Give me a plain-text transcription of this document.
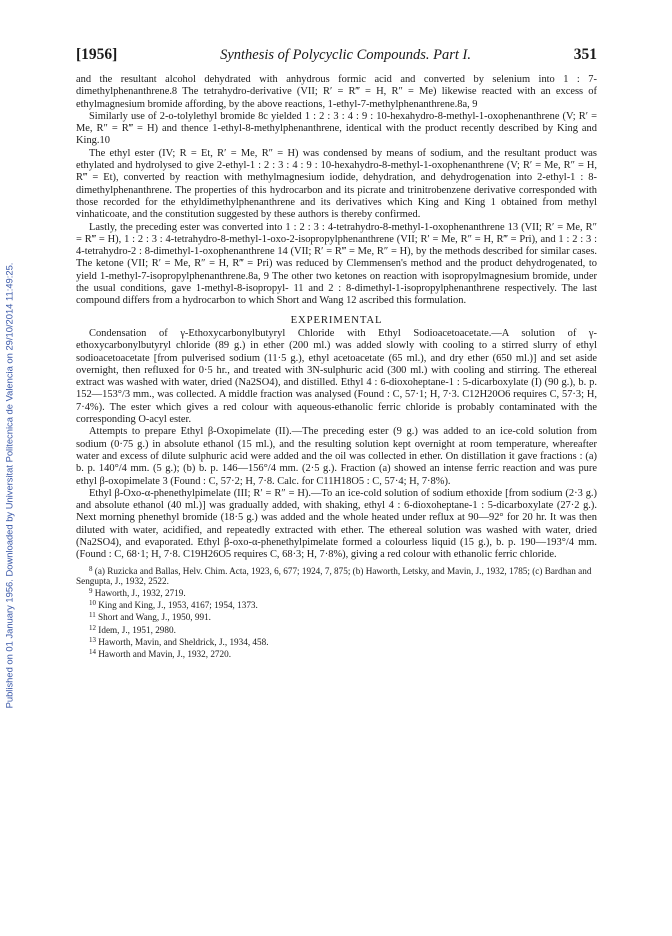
Published on 01 January 1956. Downloaded by Universitat Politecnica de Valencia on 29/10/2014 11:49:25.
[1956]	Synthesis of Polycyclic Compounds. Part I.	351

and the resultant alcohol dehydrated with anhydrous formic acid and converted by selenium into 1 : 7-dimethylphenanthrene.8 The tetrahydro-derivative (VII; R′ = R‴ = H, R″ = Me) likewise reacted with an excess of ethylmagnesium bromide affording, by the above reactions, 1-ethyl-7-methylphenanthrene.8a, 9

Similarly use of 2-o-tolylethyl bromide 8c yielded 1 : 2 : 3 : 4 : 9 : 10-hexahydro-8-methyl-1-oxophenanthrene (V; R′ = Me, R″ = R‴ = H) and thence 1-ethyl-8-methylphenanthrene, identical with the product recently described by King and King.10

The ethyl ester (IV; R = Et, R′ = Me, R″ = H) was condensed by means of sodium, and the resultant product was ethylated and hydrolysed to give 2-ethyl-1 : 2 : 3 : 4 : 9 : 10-hexahydro-8-methyl-1-oxophenanthrene (V; R′ = Me, R″ = H, R‴ = Et), converted by reaction with methylmagnesium iodide, dehydration, and dehydrogenation into 2-ethyl-1 : 8-dimethylphenanthrene. The properties of this hydrocarbon and its picrate and trinitrobenzene derivative corresponded with those recorded for the ethyldimethylphenanthrene and its derivatives which King and King 1 obtained from methyl vinhaticoate, and the constitution suggested by these authors is thereby confirmed.

Lastly, the preceding ester was converted into 1 : 2 : 3 : 4-tetrahydro-8-methyl-1-oxophenanthrene 13 (VII; R′ = Me, R″ = R‴ = H), 1 : 2 : 3 : 4-tetrahydro-8-methyl-1-oxo-2-isopropylphenanthrene (VII; R′ = Me, R″ = H, R‴ = Pri), and 1 : 2 : 3 : 4-tetrahydro-2 : 8-dimethyl-1-oxophenanthrene 14 (VII; R′ = R‴ = Me, R″ = H), by the methods described for similar cases. The ketone (VII; R′ = Me, R″ = H, R‴ = Pri) was reduced by Clemmensen's method and the product dehydrogenated, to yield 1-methyl-7-isopropylphenanthrene.8a, 9 The other two ketones on reaction with isopropylmagnesium bromide, under the usual conditions, gave 1-methyl-8-isopropyl- 11 and 2 : 8-dimethyl-1-isopropylphenanthrene respectively. The last compound differs from a hydrocarbon to which Short and Wang 12 ascribed this formulation.

EXPERIMENTAL

Condensation of γ-Ethoxycarbonylbutyryl Chloride with Ethyl Sodioacetoacetate.—A solution of γ-ethoxycarbonylbutyryl chloride (89 g.) in ether (200 ml.) was added slowly with cooling to a stirred slurry of ethyl sodioacetoacetate [from pulverised sodium (11·5 g.), ethyl acetoacetate (65 ml.), and dry ether (650 ml.)] and set aside overnight, then refluxed for 0·5 hr., and treated with 3N-sulphuric acid (300 ml.) with cooling and stirring. The ethereal extract was washed with water, dried (Na2SO4), and distilled. Ethyl 4 : 6-dioxoheptane-1 : 5-dicarboxylate (I) (90 g.), b. p. 152—153°/3 mm., was collected. A middle fraction was analysed (Found : C, 57·1; H, 7·3. C12H20O6 requires C, 57·3; H, 7·4%). The ester which gives a red colour with aqueous-ethanolic ferric chloride is probably contaminated with the corresponding O-acyl ester.

Attempts to prepare Ethyl β-Oxopimelate (II).—The preceding ester (9 g.) was added to an ice-cold solution from sodium (0·75 g.) in absolute ethanol (15 ml.), and the resulting solution kept overnight at room temperature, whereafter water and excess of dilute sulphuric acid were added and the oil was collected in ether. On distillation it gave fractions : (a) b. p. 140°/4 mm. (5 g.); (b) b. p. 146—156°/4 mm. (2·5 g.). Fraction (a) showed an intense ferric reaction and was pure ethyl β-oxopimelate 3 (Found : C, 57·2; H, 7·8. Calc. for C11H18O5 : C, 57·4; H, 7·8%).

Ethyl β-Oxo-α-phenethylpimelate (III; R′ = R″ = H).—To an ice-cold solution of sodium ethoxide [from sodium (2·3 g.) and absolute ethanol (40 ml.)] was gradually added, with shaking, ethyl 4 : 6-dioxoheptane-1 : 5-dicarboxylate (27·2 g.). Next morning phenethyl bromide (18·5 g.) was added and the whole heated under reflux at 90—92° for 20 hr. It was then diluted with water, acidified, and repeatedly extracted with ether. The ethereal solution was washed with water, dried (Na2SO4), and evaporated. Ethyl β-oxo-α-phenethylpimelate formed a colourless liquid (15 g.), b. p. 190—193°/4 mm. (Found : C, 68·1; H, 7·8. C19H26O5 requires C, 68·3; H, 7·8%), giving a red colour with ethanolic ferric chloride.

$^8$ (a) Ruzicka and Ballas, Helv. Chim. Acta, 1923, 6, 677; 1924, 7, 875; (b) Haworth, Letsky, and Mavin, J., 1932, 1785; (c) Bardhan and Sengupta, J., 1932, 2522.

$^9$ Haworth, J., 1932, 2719.

$^{10}$ King and King, J., 1953, 4167; 1954, 1373.

$^{11}$ Short and Wang, J., 1950, 991.

$^{12}$ Idem, J., 1951, 2980.

$^{13}$ Haworth, Mavin, and Sheldrick, J., 1934, 458.

$^{14}$ Haworth and Mavin, J., 1932, 2720.
